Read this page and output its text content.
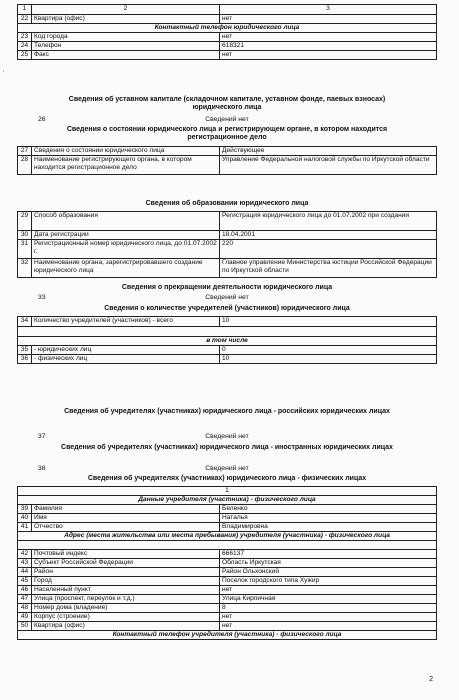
1	2	3
22	Квартира (офис)	нет
Контактный телефон юридического лица		
23	Код города	нет
24	Телефон	618321
25	Факс	нет
'
Сведения об уставном капитале (складочном капитале, уставном фонде, паевых взносах)
юридического лица
26	Сведений нет
Сведения о состоянии юридического лица и регистрирующем органе, в котором находится
регистрационное дело
27	Сведения о состоянии юридического лица	Действующее
28	Наименование регистрирующего органа, в котором находится регистрационное дело	Управление Федеральной налоговой службы по Иркутской области
Сведения об образовании юридического лица
29	Способ образования	Регистрация юридического лица до 01.07.2002 при создании
30	Дата регистрации	18.04.2001
31	Регистрационный номер юридического лица, до 01.07.2002 г.	220
32	Наименование органа, зарегистрировавшего создание юридического лица	Главное управление Министерства юстиции Российской Федерации по Иркутской области
Сведения о прекращении деятельности юридического лица
33	Сведений нет
Сведения о количестве учредителей (участников) юридического лица
34	Количество учредителей (участников) - всего	10

в том числе		
35	- юридических лиц	0
36	- физических лиц	10
Сведения об учредителях (участниках) юридического лица - российских юридических лицах
37	Сведений нет
Сведения об учредителях (участниках) юридического лица - иностранных юридических лицах
38	Сведений нет
Сведения об учредителях (участниках) юридического лица - физических лицах
1		
Данные учредителя (участника) - физического лица		
39	Фамилия	Беленко
40	Имя	Наталья
41	Отчество	Владимировна
Адрес (места жительства или места пребывания) учредителя (участника) - физического лица		

42	Почтовый индекс	666137
43	Субъект Российской Федерации	Область Иркутская
44	Район	Район Ольхонский
45	Город	Поселок городского типа Хужир
46	Населенный пункт	нет
47	Улица (проспект, переулок и т.д.)	Улица Кирпичная
48	Номер дома (владение)	8
49	Корпус (строение)	нет
50	Квартира (офис)	нет
Контактный телефон учредителя (участника) - физического лица		
2
